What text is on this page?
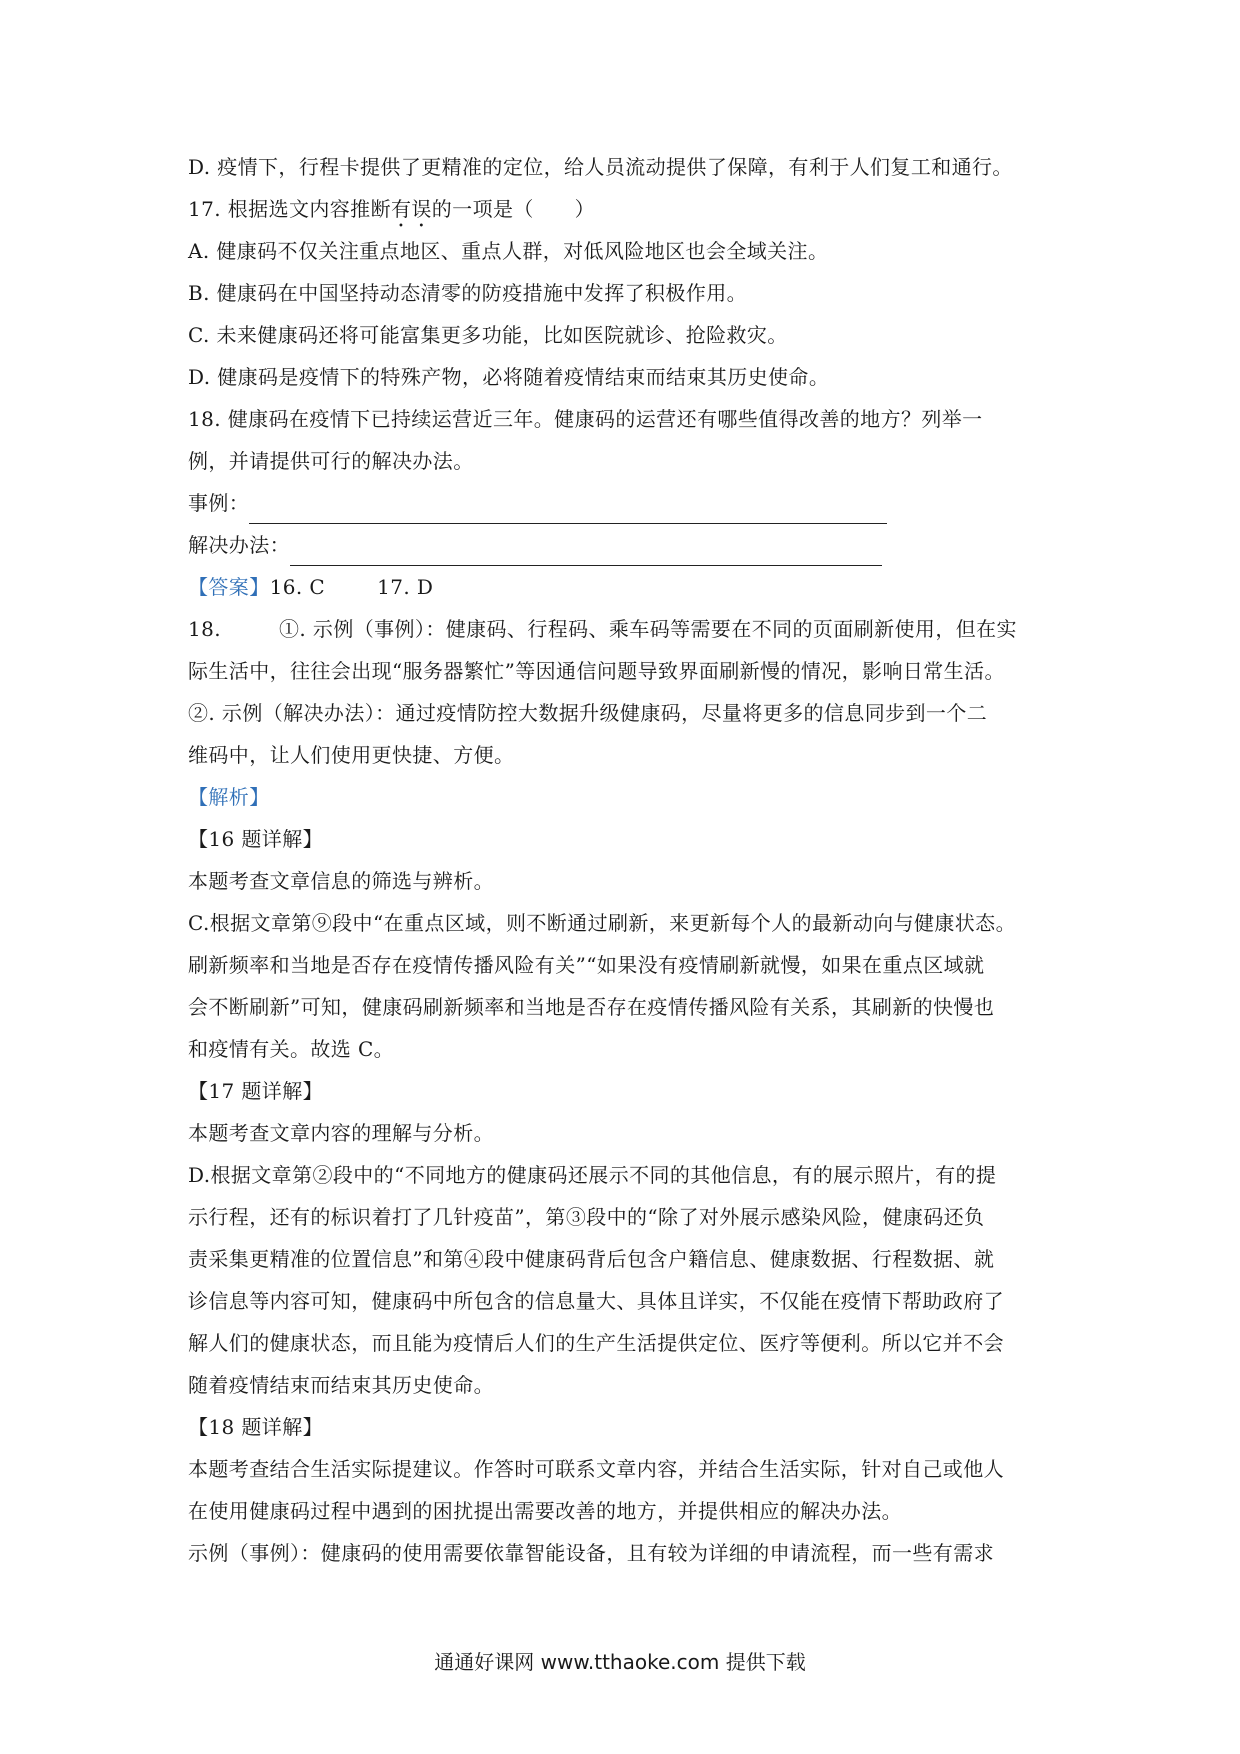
D. 疫情下，行程卡提供了更精准的定位，给人员流动提供了保障，有利于人们复工和通行。
17. 根据选文内容推断有误的一项是（　　）
A. 健康码不仅关注重点地区、重点人群，对低风险地区也会全域关注。
B. 健康码在中国坚持动态清零的防疫措施中发挥了积极作用。
C. 未来健康码还将可能富集更多功能，比如医院就诊、抢险救灾。
D. 健康码是疫情下的特殊产物，必将随着疫情结束而结束其历史使命。
18. 健康码在疫情下已持续运营近三年。健康码的运营还有哪些值得改善的地方？列举一
例，并请提供可行的解决办法。
事例：
解决办法：
【答案】16. C	17. D
18.	①. 示例（事例）：健康码、行程码、乘车码等需要在不同的页面刷新使用，但在实
际生活中，往往会出现“服务器繁忙”等因通信问题导致界面刷新慢的情况，影响日常生活。
②. 示例（解决办法）：通过疫情防控大数据升级健康码，尽量将更多的信息同步到一个二
维码中，让人们使用更快捷、方便。
【解析】
【16 题详解】
本题考查文章信息的筛选与辨析。
C.根据文章第⑨段中“在重点区域，则不断通过刷新，来更新每个人的最新动向与健康状态。
刷新频率和当地是否存在疫情传播风险有关”“如果没有疫情刷新就慢，如果在重点区域就
会不断刷新”可知，健康码刷新频率和当地是否存在疫情传播风险有关系，其刷新的快慢也
和疫情有关。故选 C。
【17 题详解】
本题考查文章内容的理解与分析。
D.根据文章第②段中的“不同地方的健康码还展示不同的其他信息，有的展示照片，有的提
示行程，还有的标识着打了几针疫苗”，第③段中的“除了对外展示感染风险，健康码还负
责采集更精准的位置信息”和第④段中健康码背后包含户籍信息、健康数据、行程数据、就
诊信息等内容可知，健康码中所包含的信息量大、具体且详实，不仅能在疫情下帮助政府了
解人们的健康状态，而且能为疫情后人们的生产生活提供定位、医疗等便利。所以它并不会
随着疫情结束而结束其历史使命。
【18 题详解】
本题考查结合生活实际提建议。作答时可联系文章内容，并结合生活实际，针对自己或他人
在使用健康码过程中遇到的困扰提出需要改善的地方，并提供相应的解决办法。
示例（事例）：健康码的使用需要依靠智能设备，且有较为详细的申请流程，而一些有需求
通通好课网 www.tthaoke.com 提供下载
